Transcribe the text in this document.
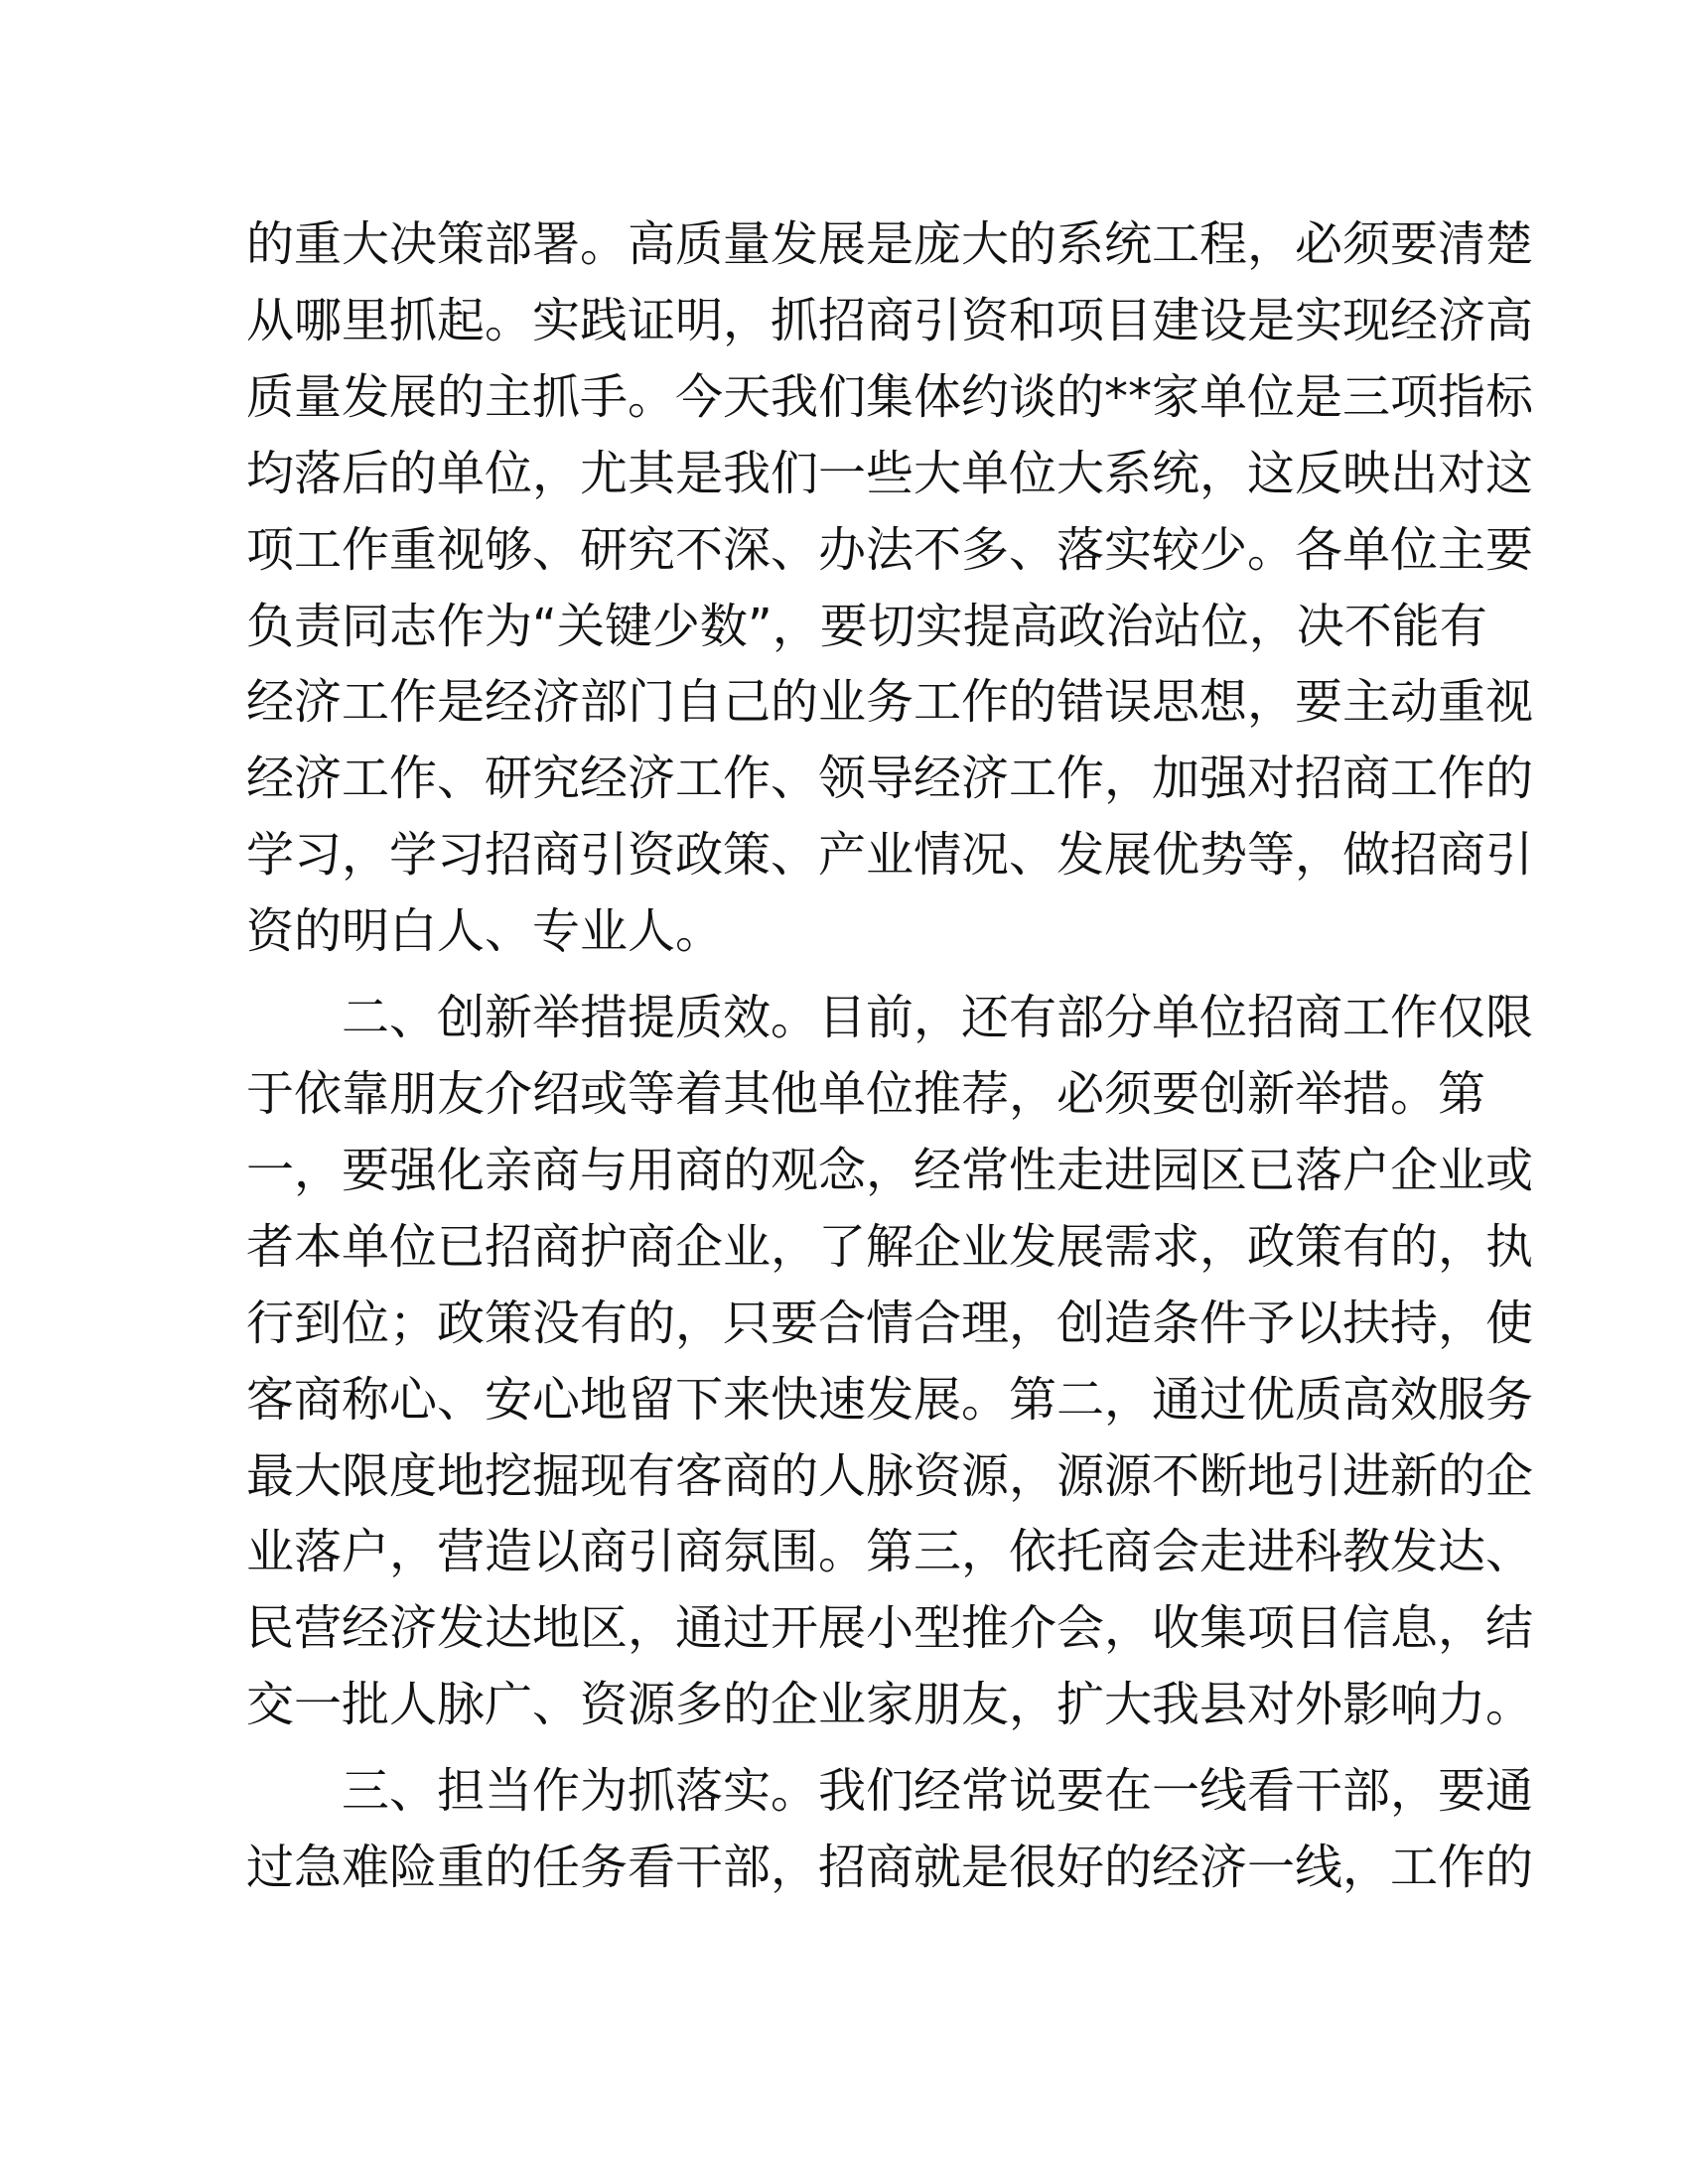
的重大决策部署。高质量发展是庞大的系统工程，必须要清楚
从哪里抓起。实践证明，抓招商引资和项目建设是实现经济高
质量发展的主抓手。今天我们集体约谈的**家单位是三项指标
均落后的单位，尤其是我们一些大单位大系统，这反映出对这
项工作重视够、研究不深、办法不多、落实较少。各单位主要
负责同志作为“关键少数”，要切实提高政治站位，决不能有
经济工作是经济部门自己的业务工作的错误思想，要主动重视
经济工作、研究经济工作、领导经济工作，加强对招商工作的
学习，学习招商引资政策、产业情况、发展优势等，做招商引
资的明白人、专业人。
二、创新举措提质效。目前，还有部分单位招商工作仅限
于依靠朋友介绍或等着其他单位推荐，必须要创新举措。第
一，要强化亲商与用商的观念，经常性走进园区已落户企业或
者本单位已招商护商企业，了解企业发展需求，政策有的，执
行到位；政策没有的，只要合情合理，创造条件予以扶持，使
客商称心、安心地留下来快速发展。第二，通过优质高效服务
最大限度地挖掘现有客商的人脉资源，源源不断地引进新的企
业落户，营造以商引商氛围。第三，依托商会走进科教发达、
民营经济发达地区，通过开展小型推介会，收集项目信息，结
交一批人脉广、资源多的企业家朋友，扩大我县对外影响力。
三、担当作为抓落实。我们经常说要在一线看干部，要通
过急难险重的任务看干部，招商就是很好的经济一线，工作的
